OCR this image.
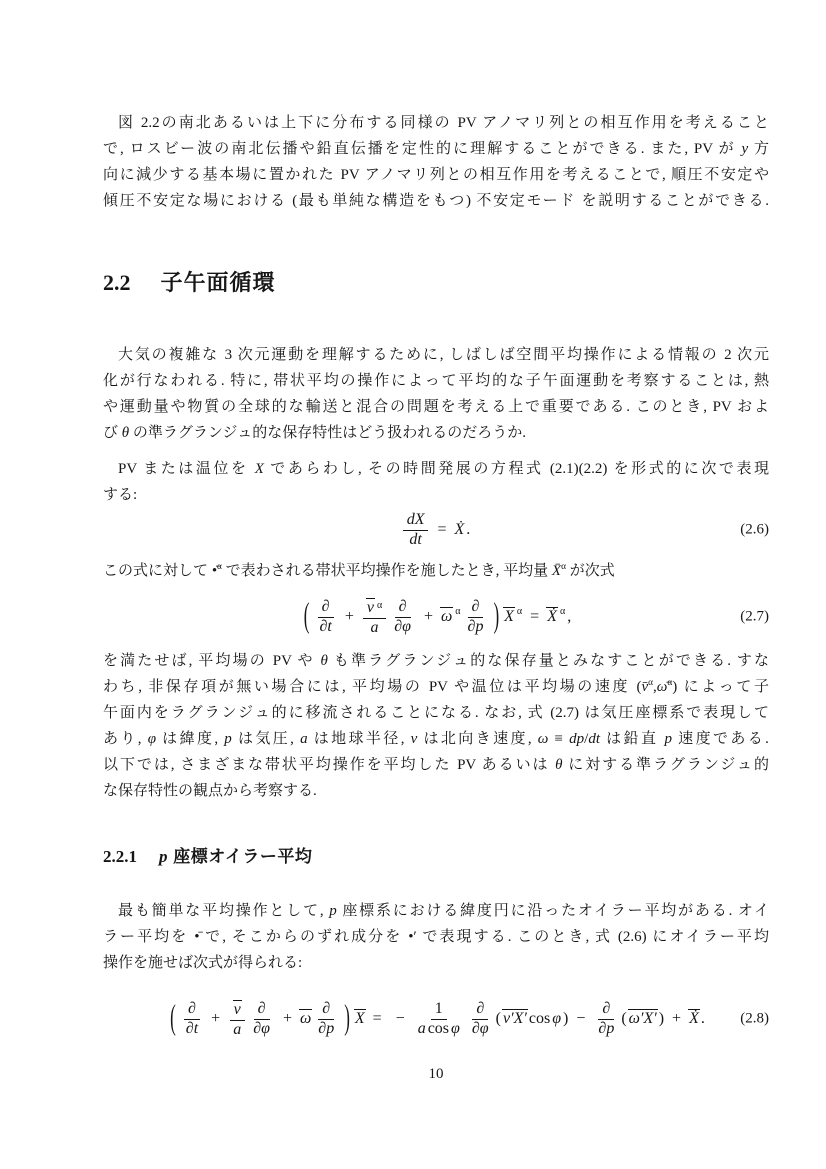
図 2.2の南北あるいは上下に分布する同様の PV アノマリ列との相互作用を考えること
で, ロスビー波の南北伝播や鉛直伝播を定性的に理解することができる. また, PV が y 方
向に減少する基本場に置かれた PV アノマリ列との相互作用を考えることで, 順圧不安定や
傾圧不安定な場における (最も単純な構造をもつ) 不安定モード を説明することができる.
2.2 子午面循環
大気の複雑な 3 次元運動を理解するために, しばしば空間平均操作による情報の 2 次元
化が行なわれる. 特に, 帯状平均の操作によって平均的な子午面運動を考察することは, 熱
や運動量や物質の全球的な輸送と混合の問題を考える上で重要である. このとき, PV およ
び θ の準ラグランジュ的な保存特性はどう扱われるのだろうか.
PV または温位を X であらわし, その時間発展の方程式 (2.1)(2.2) を形式的に次で表現
する:
$\frac{dX}{dt}$ = Ẋ .	(2.6)
この式に対して •̄$^\alpha$ で表わされる帯状平均操作を施したとき, 平均量 X̄$^\alpha$ が次式
( $\frac{\partial}{\partial t} + \frac{v ^\alpha}{a} \frac{\partial}{\partial\varphi} + \omega$ $^\alpha \frac{\partial}{\partial p}$ ) X $^\alpha$ = Ẋ $^\alpha$ ,	(2.7)
を満たせば, 平均場の PV や θ も準ラグランジュ的な保存量とみなすことができる. すな
わち, 非保存項が無い場合には, 平均場の PV や温位は平均場の速度 (v̄$^\alpha$,ω̄$^\alpha$) によって子
午面内をラグランジュ的に移流されることになる. なお, 式 (2.7) は気圧座標系で表現して
あり, φ は緯度, p は気圧, a は地球半径, v は北向き速度, ω ≡ dp/dt は鉛直 p 速度である.
以下では, さまざまな帯状平均操作を平均した PV あるいは θ に対する準ラグランジュ的
な保存特性の観点から考察する.
2.2.1 p 座標オイラー平均
最も簡単な平均操作として, p 座標系における緯度円に沿ったオイラー平均がある. オイ
ラー平均を •̄ で, そこからのずれ成分を •′ で表現する. このとき, 式 (2.6) にオイラー平均
操作を施せば次式が得られる:
( $\frac{\partial}{\partial t} + \frac{v}{a} \frac{\partial}{\partial\varphi} + \omega \frac{\partial}{\partial p}$ ) X = − $\frac{1}{\text{a cos φ}} \frac{\partial}{\partial\varphi}$ ( v′X′ cos φ ) − $\frac{\partial}{\partial p}$ ( ω′X′ ) + Ẋ . (2.8)
10
